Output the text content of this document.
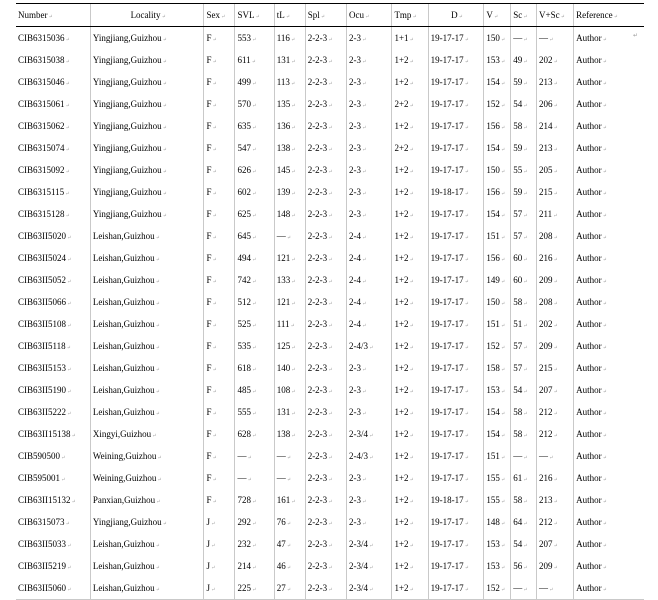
Number ↵	Locality ↵	Sex ↵	SVL ↵	tL ↵	Spl ↵	Ocu ↵	Tmp ↵	D ↵	V ↵	Sc ↵	V+Sc ↵	Reference ↵
CIB6315036 ↵	Yingjiang,Guizhou ↵	F ↵	553 ↵	116 ↵	2-2-3 ↵	2-3 ↵	1+1 ↵	19-17-17 ↵	150 ↵	— ↵	— ↵	Author ↵
CIB6315038 ↵	Yingjiang,Guizhou ↵	F ↵	611 ↵	131 ↵	2-2-3 ↵	2-3 ↵	1+2 ↵	19-17-17 ↵	153 ↵	49 ↵	202 ↵	Author ↵
CIB6315046 ↵	Yingjiang,Guizhou ↵	F ↵	499 ↵	113 ↵	2-2-3 ↵	2-3 ↵	1+2 ↵	19-17-17 ↵	154 ↵	59 ↵	213 ↵	Author ↵
CIB6315061 ↵	Yingjiang,Guizhou ↵	F ↵	570 ↵	135 ↵	2-2-3 ↵	2-3 ↵	2+2 ↵	19-17-17 ↵	152 ↵	54 ↵	206 ↵	Author ↵
CIB6315062 ↵	Yingjiang,Guizhou ↵	F ↵	635 ↵	136 ↵	2-2-3 ↵	2-3 ↵	1+2 ↵	19-17-17 ↵	156 ↵	58 ↵	214 ↵	Author ↵
CIB6315074 ↵	Yingjiang,Guizhou ↵	F ↵	547 ↵	138 ↵	2-2-3 ↵	2-3 ↵	2+2 ↵	19-17-17 ↵	154 ↵	59 ↵	213 ↵	Author ↵
CIB6315092 ↵	Yingjiang,Guizhou ↵	F ↵	626 ↵	145 ↵	2-2-3 ↵	2-3 ↵	1+2 ↵	19-17-17 ↵	150 ↵	55 ↵	205 ↵	Author ↵
CIB6315115 ↵	Yingjiang,Guizhou ↵	F ↵	602 ↵	139 ↵	2-2-3 ↵	2-3 ↵	1+2 ↵	19-18-17 ↵	156 ↵	59 ↵	215 ↵	Author ↵
CIB6315128 ↵	Yingjiang,Guizhou ↵	F ↵	625 ↵	148 ↵	2-2-3 ↵	2-3 ↵	1+2 ↵	19-17-17 ↵	154 ↵	57 ↵	211 ↵	Author ↵
CIB63II5020 ↵	Leishan,Guizhou ↵	F ↵	645 ↵	— ↵	2-2-3 ↵	2-4 ↵	1+2 ↵	19-17-17 ↵	151 ↵	57 ↵	208 ↵	Author ↵
CIB63II5024 ↵	Leishan,Guizhou ↵	F ↵	494 ↵	121 ↵	2-2-3 ↵	2-4 ↵	1+2 ↵	19-17-17 ↵	156 ↵	60 ↵	216 ↵	Author ↵
CIB63II5052 ↵	Leishan,Guizhou ↵	F ↵	742 ↵	133 ↵	2-2-3 ↵	2-4 ↵	1+2 ↵	19-17-17 ↵	149 ↵	60 ↵	209 ↵	Author ↵
CIB63II5066 ↵	Leishan,Guizhou ↵	F ↵	512 ↵	121 ↵	2-2-3 ↵	2-4 ↵	1+2 ↵	19-17-17 ↵	150 ↵	58 ↵	208 ↵	Author ↵
CIB63II5108 ↵	Leishan,Guizhou ↵	F ↵	525 ↵	111 ↵	2-2-3 ↵	2-4 ↵	1+2 ↵	19-17-17 ↵	151 ↵	51 ↵	202 ↵	Author ↵
CIB63II5118 ↵	Leishan,Guizhou ↵	F ↵	535 ↵	125 ↵	2-2-3 ↵	2-4/3 ↵	1+2 ↵	19-17-17 ↵	152 ↵	57 ↵	209 ↵	Author ↵
CIB63II5153 ↵	Leishan,Guizhou ↵	F ↵	618 ↵	140 ↵	2-2-3 ↵	2-3 ↵	1+2 ↵	19-17-17 ↵	158 ↵	57 ↵	215 ↵	Author ↵
CIB63II5190 ↵	Leishan,Guizhou ↵	F ↵	485 ↵	108 ↵	2-2-3 ↵	2-3 ↵	1+2 ↵	19-17-17 ↵	153 ↵	54 ↵	207 ↵	Author ↵
CIB63II5222 ↵	Leishan,Guizhou ↵	F ↵	555 ↵	131 ↵	2-2-3 ↵	2-3 ↵	1+2 ↵	19-17-17 ↵	154 ↵	58 ↵	212 ↵	Author ↵
CIB63II15138 ↵	Xingyi,Guizhou ↵	F ↵	628 ↵	138 ↵	2-2-3 ↵	2-3/4 ↵	1+2 ↵	19-17-17 ↵	154 ↵	58 ↵	212 ↵	Author ↵
CIB590500 ↵	Weining,Guizhou ↵	F ↵	— ↵	— ↵	2-2-3 ↵	2-4/3 ↵	1+2 ↵	19-17-17 ↵	151 ↵	— ↵	— ↵	Author ↵
CIB595001 ↵	Weining,Guizhou ↵	F ↵	— ↵	— ↵	2-2-3 ↵	2-3 ↵	1+2 ↵	19-17-17 ↵	155 ↵	61 ↵	216 ↵	Author ↵
CIB63II15132 ↵	Panxian,Guizhou ↵	F ↵	728 ↵	161 ↵	2-2-3 ↵	2-3 ↵	1+2 ↵	19-18-17 ↵	155 ↵	58 ↵	213 ↵	Author ↵
CIB6315073 ↵	Yingjiang,Guizhou ↵	J ↵	292 ↵	76 ↵	2-2-3 ↵	2-3 ↵	1+2 ↵	19-17-17 ↵	148 ↵	64 ↵	212 ↵	Author ↵
CIB63II5033 ↵	Leishan,Guizhou ↵	J ↵	232 ↵	47 ↵	2-2-3 ↵	2-3/4 ↵	1+2 ↵	19-17-17 ↵	153 ↵	54 ↵	207 ↵	Author ↵
CIB63II5219 ↵	Leishan,Guizhou ↵	J ↵	214 ↵	46 ↵	2-2-3 ↵	2-3/4 ↵	1+2 ↵	19-17-17 ↵	153 ↵	56 ↵	209 ↵	Author ↵
CIB63II5060 ↵	Leishan,Guizhou ↵	J ↵	225 ↵	27 ↵	2-2-3 ↵	2-3/4 ↵	1+2 ↵	19-17-17 ↵	152 ↵	— ↵	— ↵	Author ↵
↵
